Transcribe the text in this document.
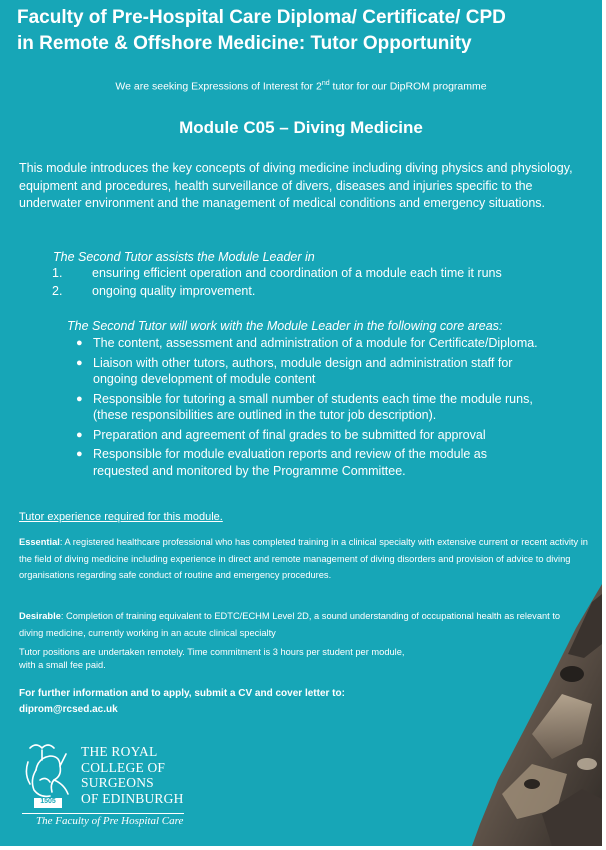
Faculty of Pre-Hospital Care Diploma/ Certificate/ CPD
in Remote & Offshore Medicine: Tutor Opportunity

We are seeking Expressions of Interest for 2nd tutor for our DipROM programme

Module C05 – Diving Medicine

This module introduces the key concepts of diving medicine including diving physics and physiology, equipment and procedures, health surveillance of divers, diseases and injuries specific to the underwater environment and the management of medical conditions and emergency situations.

The Second Tutor assists the Module Leader in

1.	ensuring efficient operation and coordination of a module each time it runs
2.	ongoing quality improvement.

The Second Tutor will work with the Module Leader in the following core areas:

● The content, assessment and administration of a module for Certificate/Diploma.
● Liaison with other tutors, authors, module design and administration staff for ongoing development of module content
● Responsible for tutoring a small number of students each time the module runs, (these responsibilities are outlined in the tutor job description).
● Preparation and agreement of final grades to be submitted for approval
● Responsible for module evaluation reports and review of the module as requested and monitored by the Programme Committee.

Tutor experience required for this module.

Essential: A registered healthcare professional who has completed training in a clinical specialty with extensive current or recent activity in the field of diving medicine including experience in direct and remote management of diving disorders and provision of advice to diving organisations regarding safe conduct of routine and emergency procedures.

Desirable: Completion of training equivalent to EDTC/ECHM Level 2D, a sound understanding of occupational health as relevant to diving medicine, currently working in an acute clinical specialty

Tutor positions are undertaken remotely. Time commitment is 3 hours per student per module,
with a small fee paid.

For further information and to apply, submit a CV and cover letter to:
diprom@rcsed.ac.uk

1505
THE ROYAL
COLLEGE OF
SURGEONS
OF EDINBURGH

The Faculty of Pre Hospital Care
